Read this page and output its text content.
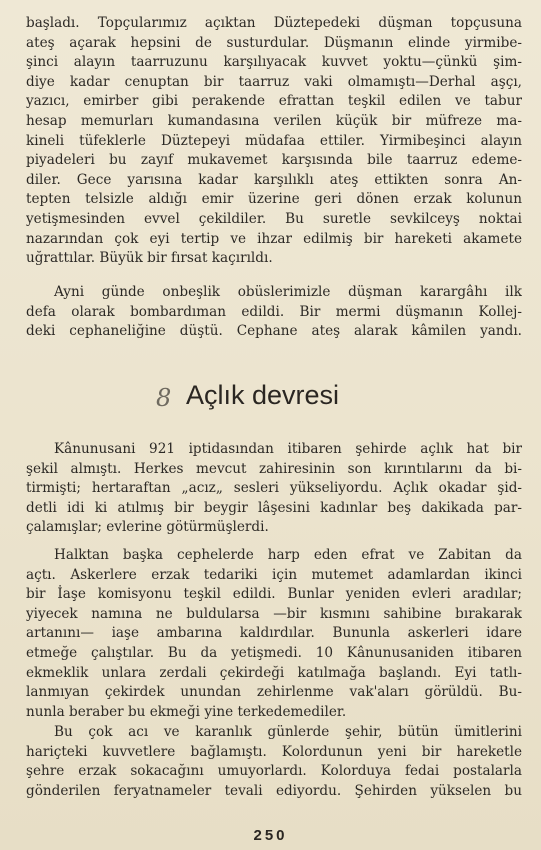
başladı. Topçularımız açıktan Düztepedeki düşman topçusuna
ateş açarak hepsini de susturdular. Düşmanın elinde yirmibe-
şinci alayın taarruzunu karşılıyacak kuvvet yoktu—çünkü şim-
diye kadar cenuptan bir taarruz vaki olmamıştı—Derhal aşçı,
yazıcı, emirber gibi perakende efrattan teşkil edilen ve tabur
hesap memurları kumandasına verilen küçük bir müfreze ma-
kineli tüfeklerle Düztepeyi müdafaa ettiler. Yirmibeşinci alayın
piyadeleri bu zayıf mukavemet karşısında bile taarruz edeme-
diler. Gece yarısına kadar karşılıklı ateş ettikten sonra An-
tepten telsizle aldığı emir üzerine geri dönen erzak kolunun
yetişmesinden evvel çekildiler. Bu suretle sevkilceyş noktai
nazarından çok eyi tertip ve ihzar edilmiş bir hareketi akamete
uğrattılar. Büyük bir fırsat kaçırıldı.
Ayni günde onbeşlik obüslerimizle düşman karargâhı ilk
defa olarak bombardıman edildi. Bir mermi düşmanın Kollej-
deki cephaneliğine düştü. Cephane ateş alarak kâmilen yandı.
8 Açlık devresi
Kânunusani 921 iptidasından itibaren şehirde açlık hat bir
şekil almıştı. Herkes mevcut zahiresinin son kırıntılarını da bi-
tirmişti; hertaraftan „acız„ sesleri yükseliyordu. Açlık okadar şid-
detli idi ki atılmış bir beygir lâşesini kadınlar beş dakikada par-
çalamışlar; evlerine götürmüşlerdi.
Halktan başka cephelerde harp eden efrat ve Zabitan da
açtı. Askerlere erzak tedariki için mutemet adamlardan ikinci
bir İaşe komisyonu teşkil edildi. Bunlar yeniden evleri aradılar;
yiyecek namına ne buldularsa —bir kısmını sahibine bırakarak
artanını— iaşe ambarına kaldırdılar. Bununla askerleri idare
etmeğe çalıştılar. Bu da yetişmedi. 10 Kânunusaniden itibaren
ekmeklik unlara zerdali çekirdeği katılmağa başlandı. Eyi tatlı-
lanmıyan çekirdek unundan zehirlenme vak'aları görüldü. Bu-
nunla beraber bu ekmeği yine terkedemediler.
Bu çok acı ve karanlık günlerde şehir, bütün ümitlerini
hariçteki kuvvetlere bağlamıştı. Kolordunun yeni bir hareketle
şehre erzak sokacağını umuyorlardı. Kolorduya fedai postalarla
gönderilen feryatnameler tevali ediyordu. Şehirden yükselen bu
250
